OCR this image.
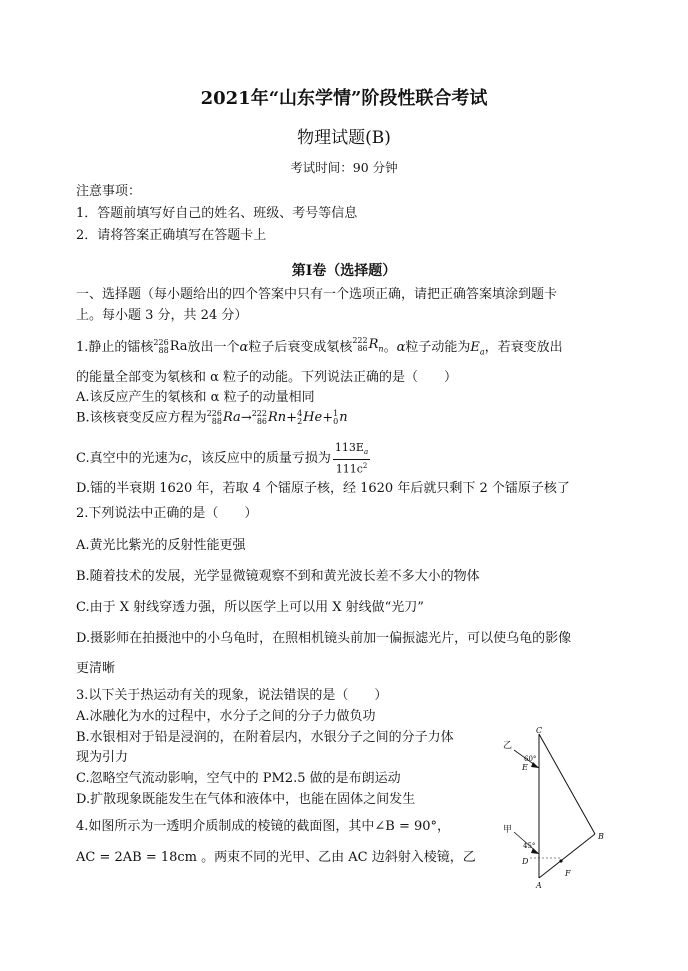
2021年“山东学情”阶段性联合考试
物理试题(B)
考试时间：90 分钟
注意事项：
1．答题前填写好自己的姓名、班级、考号等信息
2．请将答案正确填写在答题卡上
第I卷（选择题）
一、选择题（每小题给出的四个答案中只有一个选项正确，请把正确答案填涂到题卡
上。每小题 3 分，共 24 分）
1.静止的镭核 226
88 Ra放出一个α粒子后衰变成氡核 222
86 $R_n$。α粒子动能为$E_a$，若衰变放出
的能量全部变为氡核和 α 粒子的动能。下列说法正确的是（　　）
A.该反应产生的氡核和 α 粒子的动量相同
B.该核衰变反应方程为 226
88 Ra→ 222
86 Rn+ 4
2 He+ 1
0 n
C.真空中的光速为c，该反应中的质量亏损为 $\frac{113E_a}{111c^2}$
D.镭的半衰期 1620 年，若取 4 个镭原子核，经 1620 年后就只剩下 2 个镭原子核了
2.下列说法中正确的是（　　）
A.黄光比紫光的反射性能更强
B.随着技术的发展，光学显微镜观察不到和黄光波长差不多大小的物体
C.由于 X 射线穿透力强，所以医学上可以用 X 射线做“光刀”
D.摄影师在拍摄池中的小乌龟时，在照相机镜头前加一偏振滤光片，可以使乌龟的影像
更清晰
3.以下关于热运动有关的现象，说法错误的是（　　）
A.冰融化为水的过程中，水分子之间的分子力做负功
B.水银相对于铅是浸润的，在附着层内，水银分子之间的分子力体
现为引力
C.忽略空气流动影响，空气中的 PM2.5 做的是布朗运动
D.扩散现象既能发生在气体和液体中，也能在固体之间发生
4.如图所示为一透明介质制成的棱镜的截面图，其中∠B = 90°，
AC = 2AB = 18cm 。两束不同的光甲、乙由 AC 边斜射入棱镜，乙
乙
甲
C
E
B
D
A
F
60°
45°
